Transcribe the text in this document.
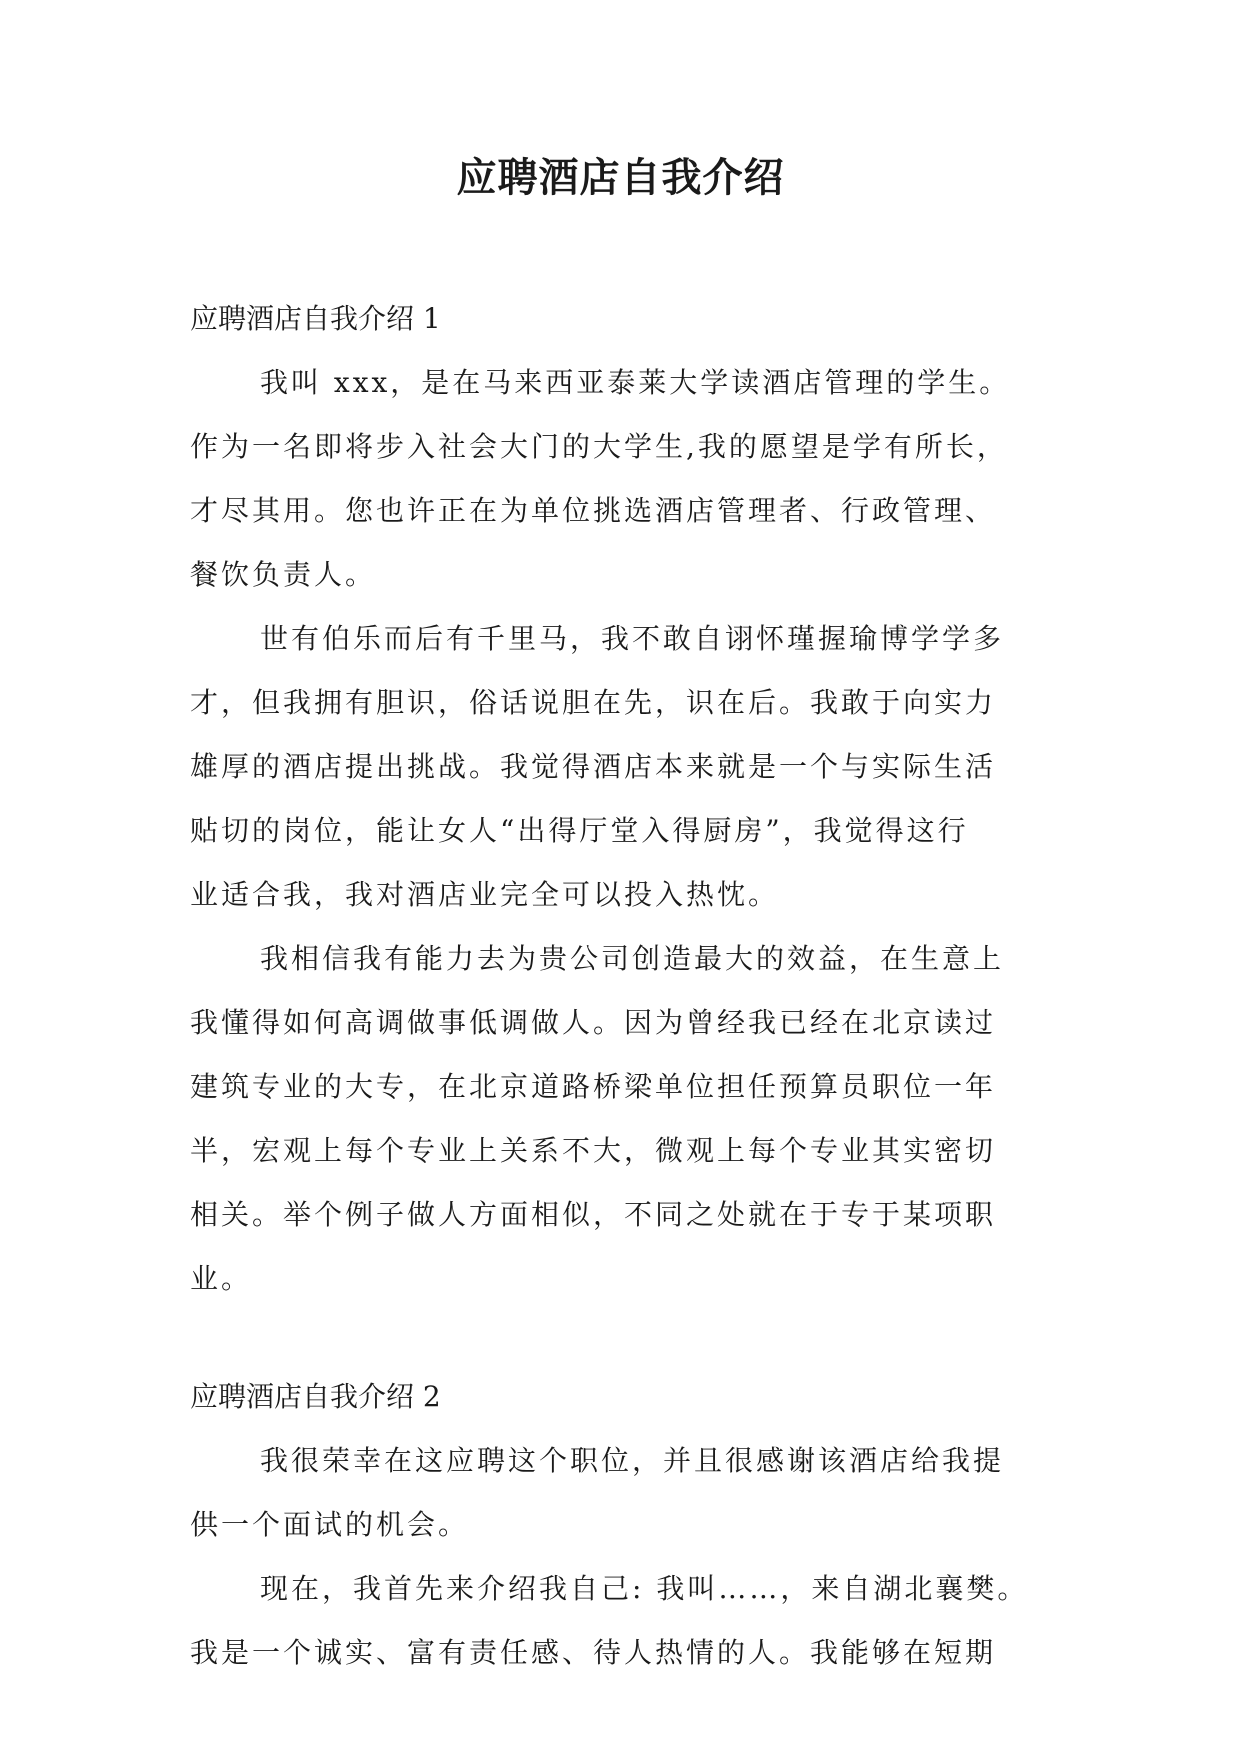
应聘酒店自我介绍
应聘酒店自我介绍 1
我叫 xxx，是在马来西亚泰莱大学读酒店管理的学生。
作为一名即将步入社会大门的大学生,我的愿望是学有所长，
才尽其用。您也许正在为单位挑选酒店管理者、行政管理、
餐饮负责人。
世有伯乐而后有千里马，我不敢自诩怀瑾握瑜博学学多
才，但我拥有胆识，俗话说胆在先，识在后。我敢于向实力
雄厚的酒店提出挑战。我觉得酒店本来就是一个与实际生活
贴切的岗位，能让女人“出得厅堂入得厨房”，我觉得这行
业适合我，我对酒店业完全可以投入热忱。
我相信我有能力去为贵公司创造最大的效益，在生意上
我懂得如何高调做事低调做人。因为曾经我已经在北京读过
建筑专业的大专，在北京道路桥梁单位担任预算员职位一年
半，宏观上每个专业上关系不大，微观上每个专业其实密切
相关。举个例子做人方面相似，不同之处就在于专于某项职
业。
应聘酒店自我介绍 2
我很荣幸在这应聘这个职位，并且很感谢该酒店给我提
供一个面试的机会。
现在，我首先来介绍我自己: 我叫……，来自湖北襄樊。
我是一个诚实、富有责任感、待人热情的人。我能够在短期
